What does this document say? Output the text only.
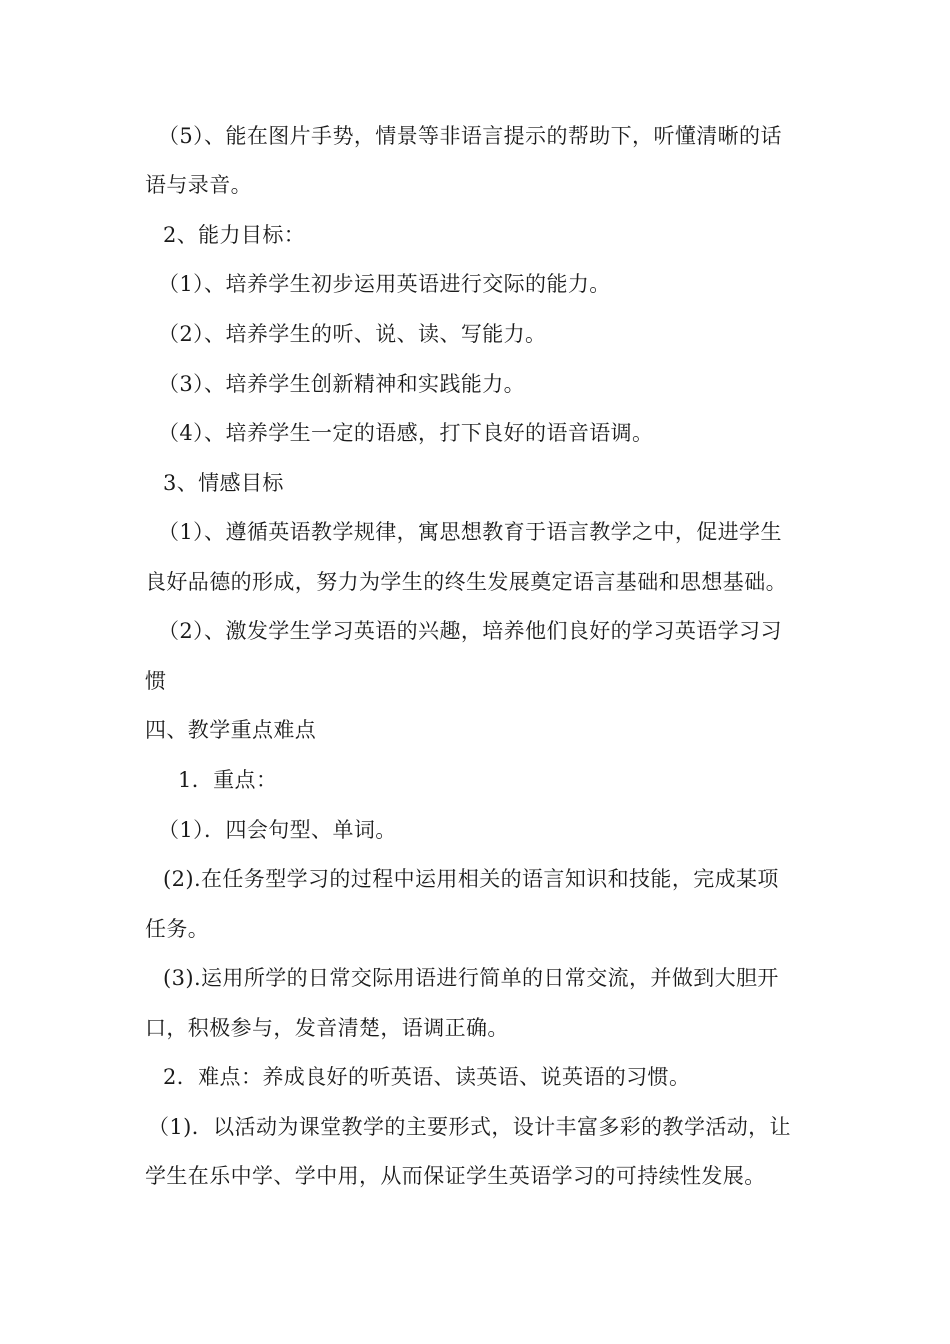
（5）、能在图片手势，情景等非语言提示的帮助下，听懂清晰的话
语与录音。
2、能力目标：
（1）、培养学生初步运用英语进行交际的能力。
（2）、培养学生的听、说、读、写能力。
（3）、培养学生创新精神和实践能力。
（4）、培养学生一定的语感，打下良好的语音语调。
3、情感目标
（1）、遵循英语教学规律，寓思想教育于语言教学之中，促进学生
良好品德的形成，努力为学生的终生发展奠定语言基础和思想基础。
（2）、激发学生学习英语的兴趣，培养他们良好的学习英语学习习
惯
四、教学重点难点
1．重点：
（1）．四会句型、单词。
(2).在任务型学习的过程中运用相关的语言知识和技能，完成某项
任务。
(3).运用所学的日常交际用语进行简单的日常交流，并做到大胆开
口，积极参与，发音清楚，语调正确。
2．难点：养成良好的听英语、读英语、说英语的习惯。
（1)．以活动为课堂教学的主要形式，设计丰富多彩的教学活动，让
学生在乐中学、学中用，从而保证学生英语学习的可持续性发展。
